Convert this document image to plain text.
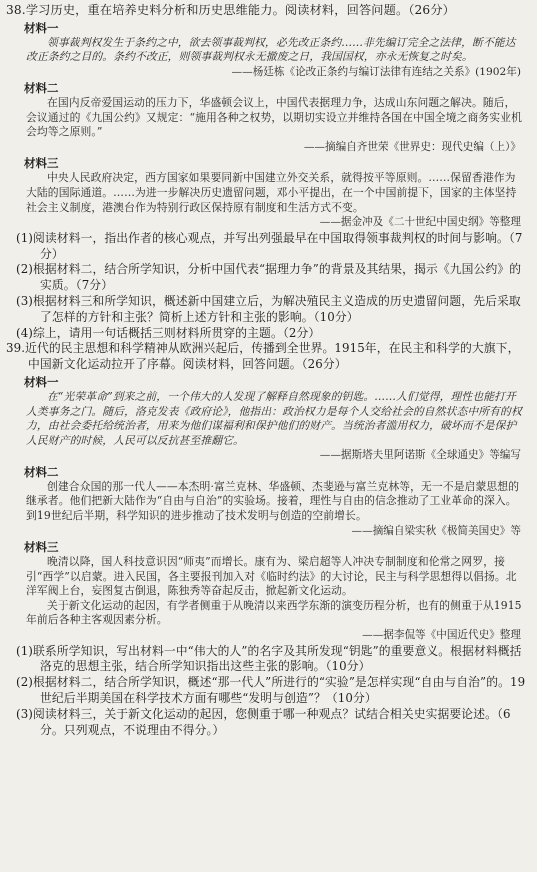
38.学习历史，重在培养史料分析和历史思维能力。阅读材料，回答问题。（26分）
材料一
领事裁判权发生于条约之中，欲去领事裁判权，必先改正条约……非先编订完全之法律，断不能达改正条约之目的。条约不改正，则领事裁判权永无撤废之日，我国国权，亦永无恢复之时矣。
——杨廷栋《论改正条约与编订法律有连结之关系》(1902年)
材料二
在国内反帝爱国运动的压力下，华盛顿会议上，中国代表据理力争，达成山东问题之解决。随后，会议通过的《九国公约》又规定：“施用各种之权势，以期切实设立并维持各国在中国全境之商务实业机会均等之原则。”
——摘编自齐世荣《世界史：现代史编（上）》
材料三
中央人民政府决定，西方国家如果要同新中国建立外交关系，就得按平等原则。……保留香港作为大陆的国际通道。……为进一步解决历史遗留问题，邓小平提出，在一个中国前提下，国家的主体坚持社会主义制度，港澳台作为特别行政区保持原有制度和生活方式不变。
——据金冲及《二十世纪中国史纲》等整理
(1)阅读材料一，指出作者的核心观点，并写出列强最早在中国取得领事裁判权的时间与影响。（7分）
(2)根据材料二，结合所学知识，分析中国代表“据理力争”的背景及其结果，揭示《九国公约》的实质。（7分）
(3)根据材料三和所学知识，概述新中国建立后，为解决殖民主义造成的历史遗留问题，先后采取了怎样的方针和主张？简析上述方针和主张的影响。（10分）
(4)综上，请用一句话概括三则材料所贯穿的主题。（2分）
39.近代的民主思想和科学精神从欧洲兴起后，传播到全世界。1915年，在民主和科学的大旗下，中国新文化运动拉开了序幕。阅读材料，回答问题。（26分）
材料一
在“光荣革命”到来之前，一个伟大的人发现了解释自然现象的钥匙。……人们觉得，理性也能打开人类事务之门。随后，洛克发表《政府论》，他指出：政治权力是每个人交给社会的自然状态中所有的权力，由社会委托给统治者，用来为他们谋福利和保护他们的财产。当统治者滥用权力，破坏而不是保护人民财产的时候，人民可以反抗甚至推翻它。
——据斯塔夫里阿诺斯《全球通史》等编写
材料二
创建合众国的那一代人——本杰明·富兰克林、华盛顿、杰斐逊与富兰克林等，无一不是启蒙思想的继承者。他们把新大陆作为“自由与自治”的实验场。接着，理性与自由的信念推动了工业革命的深入。到19世纪后半期，科学知识的进步推动了技术发明与创造的空前增长。
——摘编自梁实秋《极简美国史》等
材料三
晚清以降，国人科技意识因“师夷”而增长。康有为、梁启超等人冲决专制制度和伦常之网罗，接引“西学”以启蒙。进入民国，各主要报刊加入对《临时约法》的大讨论，民主与科学思想得以倡扬。北洋军阀上台，妄图复古倒退，陈独秀等奋起反击，掀起新文化运动。
关于新文化运动的起因，有学者侧重于从晚清以来西学东渐的演变历程分析，也有的侧重于从1915年前后各种主客观因素分析。
——据李侃等《中国近代史》整理
(1)联系所学知识，写出材料一中“伟大的人”的名字及其所发现“钥匙”的重要意义。根据材料概括洛克的思想主张，结合所学知识指出这些主张的影响。（10分）
(2)根据材料二，结合所学知识，概述“那一代人”所进行的“实验”是怎样实现“自由与自治”的。19世纪后半期美国在科学技术方面有哪些“发明与创造”？（10分）
(3)阅读材料三，关于新文化运动的起因，您侧重于哪一种观点？试结合相关史实据要论述。（6分。只列观点，不说理由不得分。）
